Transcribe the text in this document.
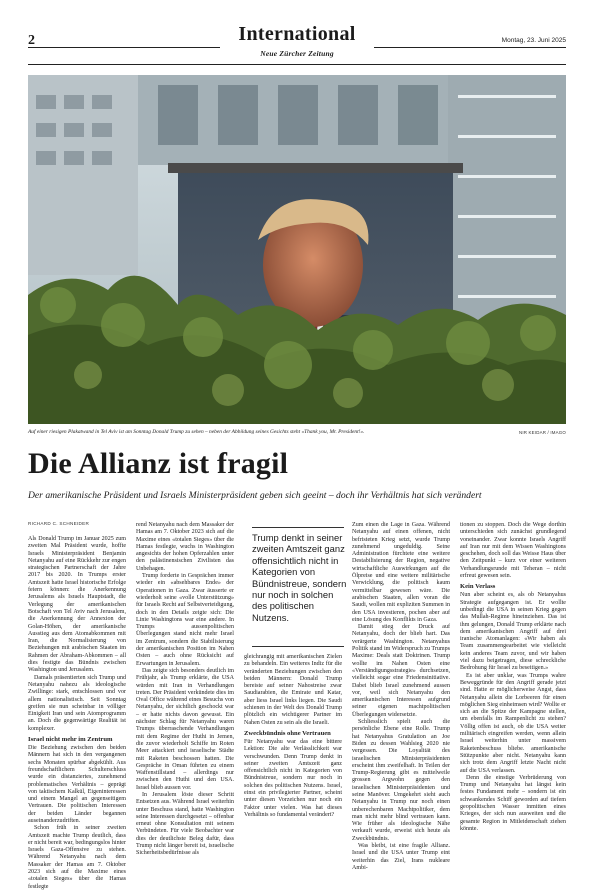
2	International
Neue Zürcher Zeitung
Montag, 23. Juni 2025
Auf einer riesigen Plakatwand in Tel Aviv ist am Sonntag Donald Trump zu sehen – neben der Abbildung seines Gesichts steht «Thank you, Mr. President!».	NIR KEIDAR / IMAGO
Die Allianz ist fragil
Der amerikanische Präsident und Israels Ministerpräsident geben sich geeint – doch ihr Verhältnis hat sich verändert
RICHARD C. SCHNEIDER

Als Donald Trump im Januar 2025 zum zweiten Mal Präsident wurde, hoffte Israels Ministerpräsident Benjamin Netanyahu auf eine Rückkehr zur engen strategischen Partnerschaft der Jahre 2017 bis 2020. In Trumps erster Amtszeit hatte Israel historische Erfolge feiern können: die Anerkennung Jerusalems als Israels Hauptstadt, die Verlegung der amerikanischen Botschaft von Tel Aviv nach Jerusalem, die Anerkennung der Annexion der Golan-Höhen, der amerikanische Ausstieg aus dem Atomabkommen mit Iran, die Normalisierung von Beziehungen mit arabischen Staaten im Rahmen der Abraham-Abkommen – all dies festigte das Bündnis zwischen Washington und Jerusalem.

Damals präsentierten sich Trump und Netanyahu nahezu als ideologische Zwillinge: stark, entschlossen und vor allem nationalistisch. Seit Sonntag greifen sie nun scheinbar in völliger Einigkeit Iran und sein Atomprogramm an. Doch die gegenwärtige Realität ist komplexer.

Israel nicht mehr im Zentrum

Die Beziehung zwischen den beiden Männern hat sich in den vergangenen sechs Monaten spürbar abgekühlt. Aus freundschaftlichem Schulterschluss wurde ein distanziertes, zunehmend problematisches Verhältnis – geprägt von taktischem Kalkül, Eigeninteressen und einem Mangel an gegenseitigem Vertrauen. Die politischen Interessen der beiden Länder begannen auseinanderzudriften.

Schon früh in seiner zweiten Amtszeit machte Trump deutlich, dass er nicht bereit war, bedingungslos hinter Israels Gaza-Offensive zu stehen. Während Netanyahu nach dem Massaker der Hamas am 7. Oktober 2023 sich auf die Maxime eines «totalen Sieges» über die Hamas festlegte

rend Netanyahu nach dem Massaker der Hamas am 7. Oktober 2023 sich auf die Maxime eines «totalen Sieges» über die Hamas festlegte, wuchs in Washington angesichts der hohen Opferzahlen unter den palästinensischen Zivilisten das Unbehagen.

Trump forderte in Gesprächen immer wieder ein «absehbares Ende» der Operationen in Gaza. Zwar äusserte er wiederholt seine «volle Unterstützung» für Israels Recht auf Selbstverteidigung, doch in den Details zeigte sich: Die Linie Washingtons war eine andere. In Trumps aussenpolitischen Überlegungen stand nicht mehr Israel im Zentrum, sondern die Stabilisierung der amerikanischen Position im Nahen Osten – auch ohne Rücksicht auf Erwartungen in Jerusalem.

Das zeigte sich besonders deutlich im Frühjahr, als Trump erklärte, die USA würden mit Iran in Verhandlungen treten. Der Präsident verkündete dies im Oval Office während eines Besuchs von Netanyahu, der sichtlich geschockt war – er hatte nichts davon gewusst. Ein nächster Schlag für Netanyahu waren Trumps überraschende Verhandlungen mit dem Regime der Huthi in Jemen, die zuvor wiederholt Schiffe im Roten Meer attackiert und israelische Städte mit Raketen beschossen hatten. Die Gespräche in Oman führten zu einem Waffenstillstand – allerdings nur zwischen den Huthi und den USA. Israel blieb aussen vor.

In Jerusalem löste dieser Schritt Entsetzen aus. Während Israel weiterhin unter Beschuss stand, hatte Washington seine Interessen durchgesetzt – offenbar erneut ohne Konsultation mit seinem Verbündeten. Für viele Beobachter war dies der deutlichste Beleg dafür, dass Trump nicht länger bereit ist, israelische Sicherheitsbedürfnisse als

Trump denkt in seiner zweiten Amtszeit ganz offensichtlich nicht in Kategorien von Bündnistreue, sondern nur noch in solchen des politischen Nutzens.

gleichrangig mit amerikanischen Zielen zu behandeln. Ein weiteres Indiz für die veränderten Beziehungen zwischen den beiden Männern: Donald Trump bereiste auf seiner Nahostreise zwar Saudiarabien, die Emirate und Katar, aber liess Israel links liegen. Die Saudi schienen in der Welt des Donald Trump plötzlich ein wichtigerer Partner im Nahen Osten zu sein als die Israeli.

Zweckbündnis ohne Vertrauen

Für Netanyahu war das eine bittere Lektion: Die alte Verlässlichkeit war verschwunden. Denn Trump denkt in seiner zweiten Amtszeit ganz offensichtlich nicht in Kategorien von Bündnistreue, sondern nur noch in solchen des politischen Nutzens. Israel, einst ein privilegierter Partner, scheint unter diesen Vorzeichen nur noch ein Faktor unter vielen. Was hat dieses Verhältnis so fundamental verändert?

Zum einen die Lage in Gaza. Während Netanyahu auf einen offenen, nicht befristeten Krieg setzt, wurde Trump zunehmend ungeduldig. Seine Administration fürchtete eine weitere Destabilisierung der Region, negative wirtschaftliche Auswirkungen auf die Ölpreise und eine weitere militärische Verwicklung, die politisch kaum vermittelbar gewesen wäre. Die arabischen Staaten, allen voran die Saudi, wollen mit expliziten Summen in den USA investieren, pochen aber auf eine Lösung des Konflikts in Gaza.

Damit stieg der Druck auf Netanyahu, doch der blieb hart. Das verärgerte Washington. Netanyahus Politik stand im Widerspruch zu Trumps Maxime: Deals statt Doktrinen. Trump wollte im Nahen Osten eine «Verständigungsstrategie» durchsetzen, vielleicht sogar eine Friedensinitiative. Dabei blieb Israel zunehmend aussen vor, weil sich Netanyahu den amerikanischen Interessen aufgrund seiner eigenen machtpolitischen Überlegungen widersetzte.

Schliesslich spielt auch die persönliche Ebene eine Rolle. Trump hat Netanyahus Gratulation an Joe Biden zu dessen Wahlsieg 2020 nie vergessen. Die Loyalität des israelischen Ministerpräsidenten erscheint ihm zweifelhaft. In Teilen der Trump-Regierung gibt es mittelweile grossen Argwohn gegen den israelischen Ministerpräsidenten und seine Manöver. Umgekehrt sieht auch Netanyahu in Trump nur noch einen unberechenbaren Machtpolitiker, dem man nicht mehr blind vertrauen kann. Wie früher als ideologische Nähe verkauft wurde, erweist sich heute als Zweckbündnis.

Was bleibt, ist eine fragile Allianz. Israel und die USA unter Trump eint weiterhin das Ziel, Irans nukleare Ambi-

tionen zu stoppen. Doch die Wege dorthin unterschieden sich zunächst grundlegend voneinander. Zwar konnte Israels Angriff auf Iran nur mit dem Wissen Washingtons geschehen, doch soll das Weisse Haus über den Zeitpunkt – kurz vor einer weiteren Verhandlungsrunde mit Teheran – nicht erfreut gewesen sein.

Kein Verlass

Nun aber scheint es, als ob Netanyahus Strategie aufgegangen ist. Er wollte unbedingt die USA in seinen Krieg gegen das Mullah-Regime hineinziehen. Das ist ihm gelungen, Donald Trump erklärte nach dem amerikanischen Angriff auf drei iranische Atomanlagen: «Wir haben als Team zusammengearbeitet wie vielleicht kein anderes Team zuvor, und wir haben viel dazu beigetragen, diese schreckliche Bedrohung für Israel zu beseitigen.»

Es ist aber unklar, was Trumps wahre Beweggründe für den Angriff gerade jetzt sind. Hatte er möglicherweise Angst, dass Netanyahu allein die Lorbeeren für einen möglichen Sieg einheimsen wird? Wollte er sich an die Spitze der Kampagne stellen, um ebenfalls im Rampenlicht zu stehen? Völlig offen ist auch, ob die USA weiter militärisch eingreifen werden, wenn allein Israel weiterhin unter massivem Raketenbeschuss bliebe. amerikanische Stützpunkte aber nicht. Netanyahu kann sich trotz dem Angriff letzte Nacht nicht auf die USA verlassen.

Denn die einstige Verbrüderung von Trump und Netanyahu hat längst kein festes Fundament mehr – sondern ist ein schwankendes Schiff geworden auf tiefem geopolitischen Wasser inmitten eines Krieges, der sich nun ausweiten und die gesamte Region in Mitleidenschaft ziehen könnte.
